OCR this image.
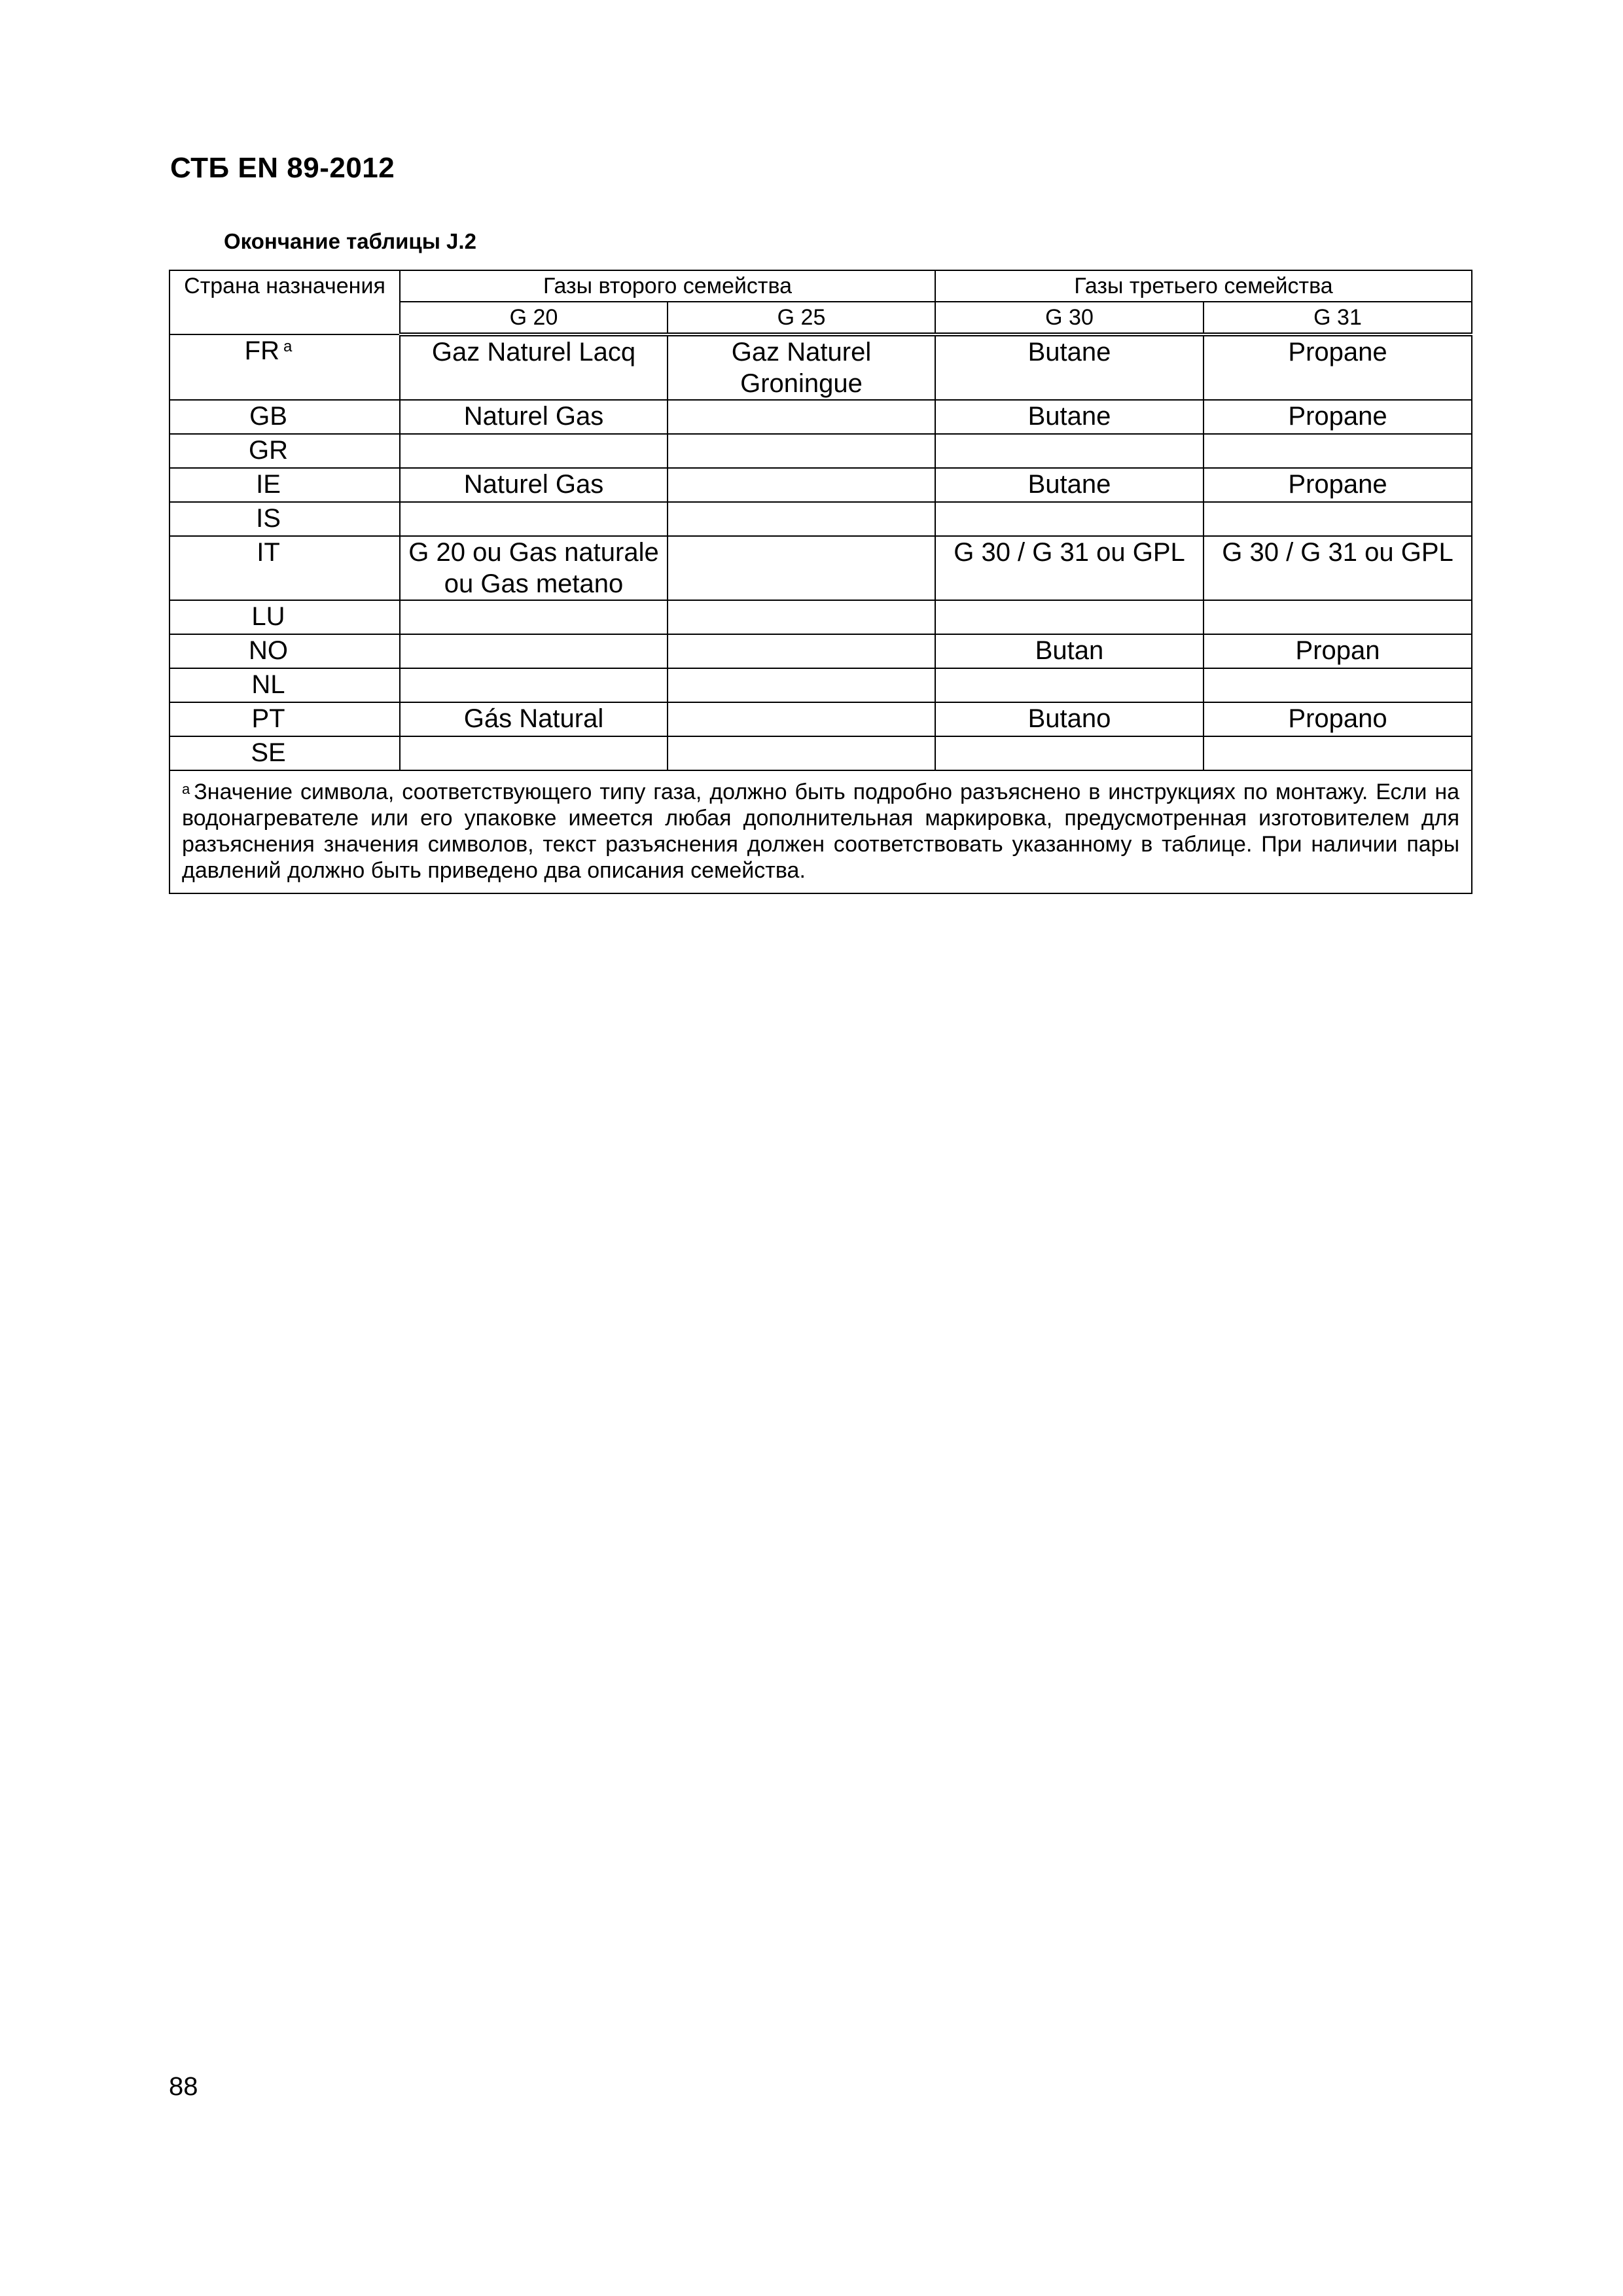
СТБ EN 89-2012
Окончание таблицы J.2
Страна назначения	Газы второго семейства		Газы третьего семейства	
	G 20	G 25	G 30	G 31
FR $^a$	Gaz Naturel Lacq	Gaz Naturel Groningue	Butane	Propane
GB	Naturel Gas		Butane	Propane
GR				
IE	Naturel Gas		Butane	Propane
IS				
IT	G 20 ou Gas naturale ou Gas metano		G 30 / G 31 ou GPL	G 30 / G 31 ou GPL
LU				
NO			Butan	Propan
NL				
PT	Gás Natural		Butano	Propano
SE				
$^a$ Значение символа, соответствующего типу газа, должно быть подробно разъяснено в инструкциях по монтажу. Если на водонагревателе или его упаковке имеется любая дополнительная маркировка, предусмотренная изготовителем для разъяснения значения символов, текст разъяснения должен соответствовать указанному в таблице. При наличии пары давлений должно быть приведено два описания семейства.				
88
